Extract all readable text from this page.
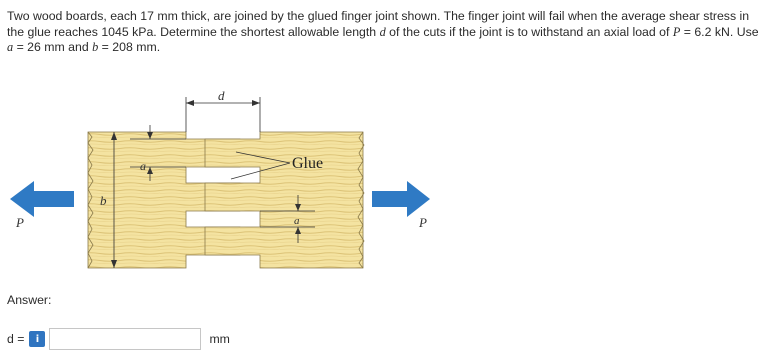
Two wood boards, each 17 mm thick, are joined by the glued finger joint shown. The finger joint will fail when the average shear stress in the glue reaches 1045 kPa. Determine the shortest allowable length d of the cuts if the joint is to withstand an axial load of P = 6.2 kN. Use a = 26 mm and b = 208 mm.
d
b
a
a
Glue
P	P
Answer:
d =	i	mm
